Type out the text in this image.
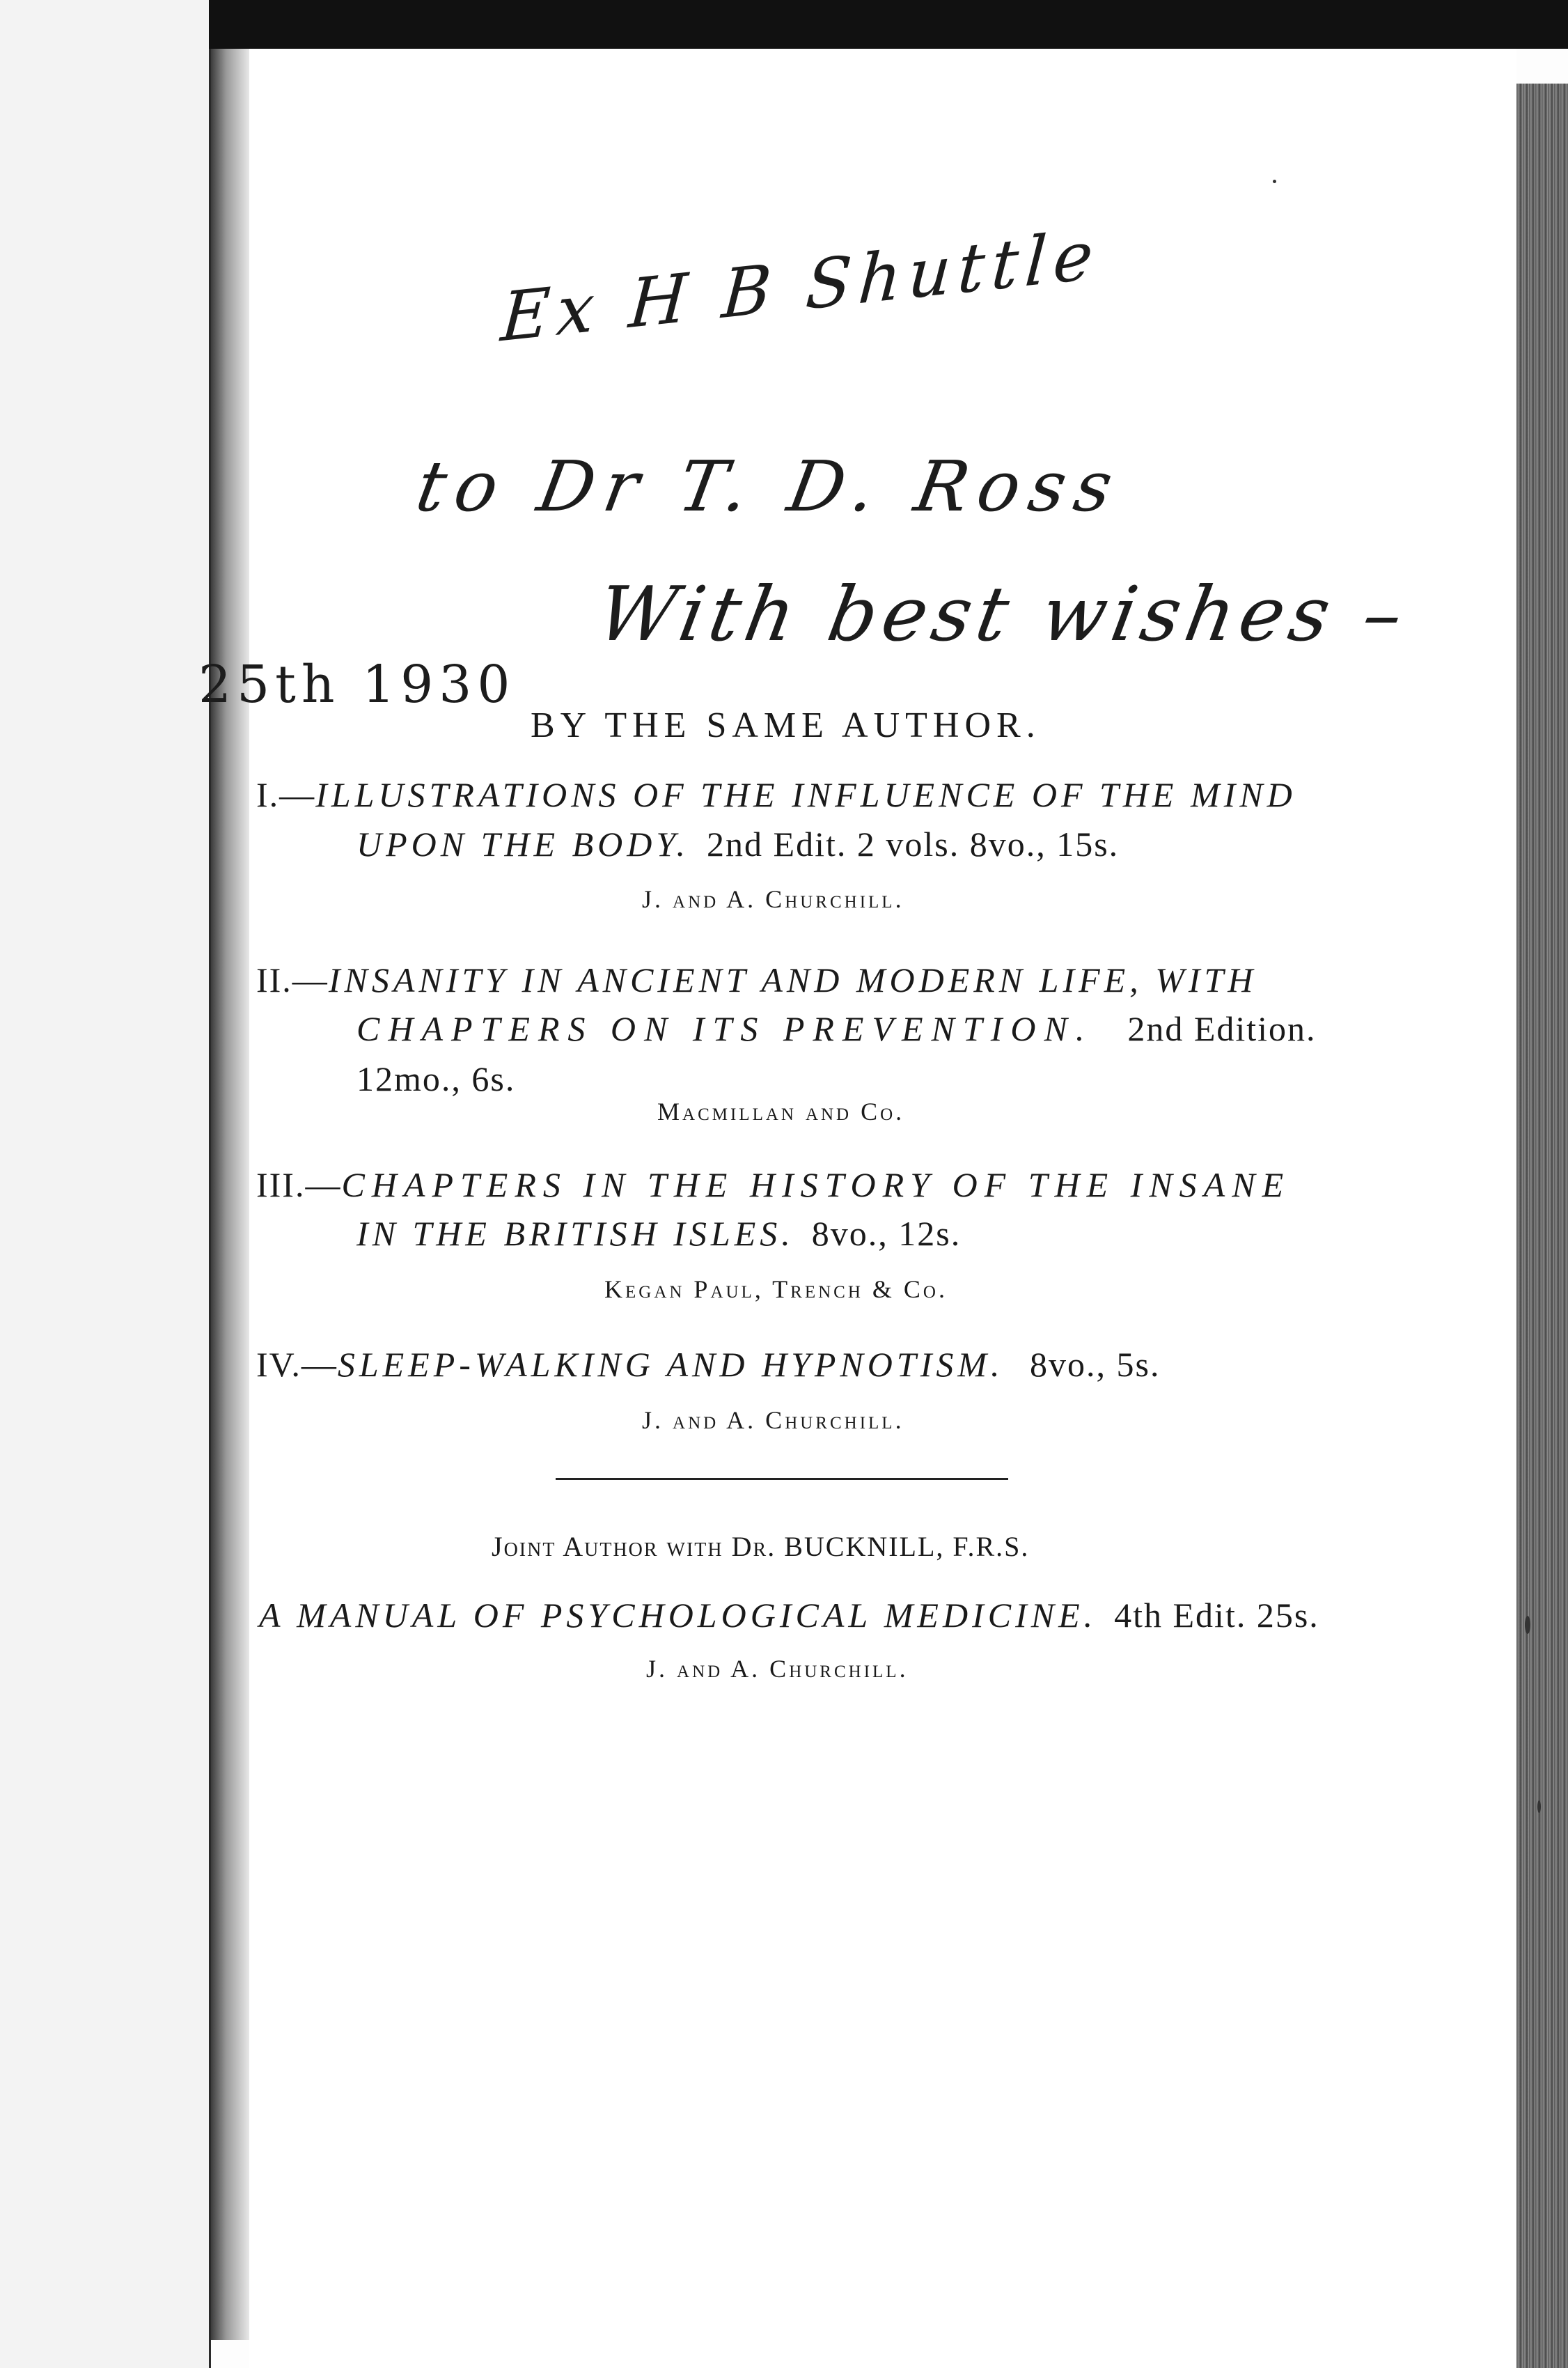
Ex H B Shuttle
to Dr T. D. Ross
With best wishes –
25th 1930
BY THE SAME AUTHOR.
I.—ILLUSTRATIONS OF THE INFLUENCE OF THE MIND
UPON THE BODY. 2nd Edit. 2 vols. 8vo., 15s.
J. and A. Churchill.
II.—INSANITY IN ANCIENT AND MODERN LIFE, WITH
CHAPTERS ON ITS PREVENTION. 2nd Edition.
12mo., 6s.
Macmillan and Co.
III.—CHAPTERS IN THE HISTORY OF THE INSANE
IN THE BRITISH ISLES. 8vo., 12s.
Kegan Paul, Trench & Co.
IV.—SLEEP-WALKING AND HYPNOTISM. 8vo., 5s.
J. and A. Churchill.
Joint Author with Dr. BUCKNILL, F.R.S.
A MANUAL OF PSYCHOLOGICAL MEDICINE. 4th Edit. 25s.
J. and A. Churchill.
